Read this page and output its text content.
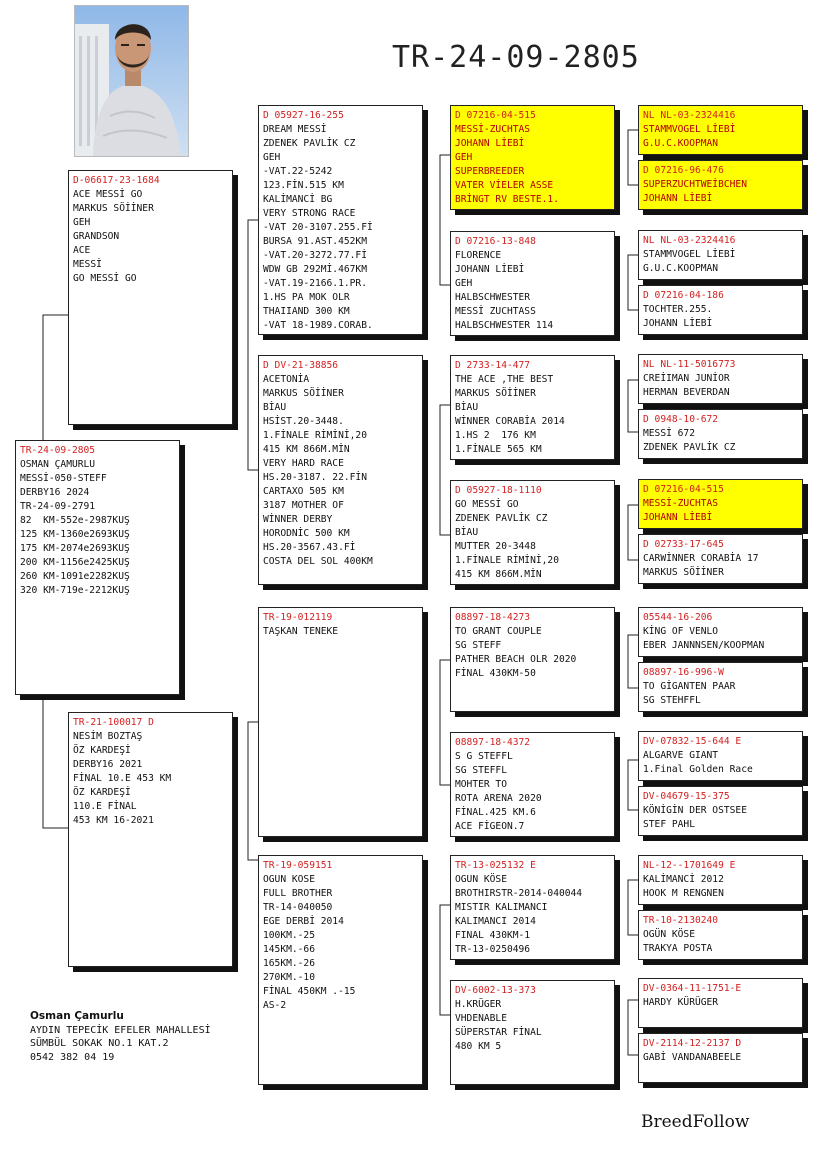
TR-24-09-2805
TR-24-09-2805
OSMAN ÇAMURLU
MESSİ-050-STEFF
DERBY16 2024
TR-24-09-2791
82  KM-552e-2987KUŞ
125 KM-1360e2693KUŞ
175 KM-2074e2693KUŞ
200 KM-1156e2425KUŞ
260 KM-1091e2282KUŞ
320 KM-719e-2212KUŞ
D-06617-23-1684
ACE MESSİ GO
MARKUS SÖİİNER
GEH
GRANDSON
ACE
MESSİ
GO MESSİ GO
TR-21-100017 D
NESİM BOZTAŞ
ÖZ KARDEŞİ
DERBY16 2021
FİNAL 10.E 453 KM
ÖZ KARDEŞİ
110.E FİNAL
453 KM 16-2021
D 05927-16-255
DREAM MESSİ
ZDENEK PAVLİK CZ
GEH
-VAT.22-5242
123.FİN.515 KM
KALİMANCİ BG
VERY STRONG RACE
-VAT 20-3107.255.Fİ
BURSA 91.AST.452KM
-VAT.20-3272.77.Fİ
WDW GB 292Mİ.467KM
-VAT.19-2166.1.PR.
1.HS PA MOK OLR
THAIIAND 300 KM
-VAT 18-1989.CORAB.
D DV-21-38856
ACETONİA
MARKUS SÖİİNER
BİAU
HSİST.20-3448.
1.FİNALE RİMİNİ,20
415 KM 866M.MİN
VERY HARD RACE
HS.20-3187. 22.FİN
CARTAXO 505 KM
3187 MOTHER OF
WİNNER DERBY
HORODNİC 500 KM
HS.20-3567.43.Fİ
COSTA DEL SOL 400KM
TR-19-012119
TAŞKAN TENEKE
TR-19-059151
OGUN KOSE
FULL BROTHER
TR-14-040050
EGE DERBİ 2014
100KM.-25
145KM.-66
165KM.-26
270KM.-10
FİNAL 450KM .-15
AS-2
D 07216-04-515
MESSİ-ZUCHTAS
JOHANN LİEBİ
GEH
SUPERBREEDER
VATER VİELER ASSE
BRİNGT RV BESTE.1.
D 07216-13-848
FLORENCE
JOHANN LİEBİ
GEH
HALBSCHWESTER
MESSİ ZUCHTASS
HALBSCHWESTER 114
D 2733-14-477
THE ACE ,THE BEST
MARKUS SÖİİNER
BİAU
WİNNER CORABİA 2014
1.HS 2  176 KM
1.FİNALE 565 KM
D 05927-18-1110
GO MESSİ GO
ZDENEK PAVLİK CZ
BİAU
MUTTER 20-3448
1.FİNALE RİMİNİ,20
415 KM 866M.MİN
08897-18-4273
TO GRANT COUPLE
SG STEFF
PATHER BEACH OLR 2020
FİNAL 430KM-50
08897-18-4372
S G STEFFL
SG STEFFL
MOHTER TO
ROTA ARENA 2020
FİNAL.425 KM.6
ACE FİGEON.7
TR-13-025132 E
OGUN KÖSE
BROTHIRSTR-2014-040044
MISTIR KALIMANCI
KALIMANCI 2014
FINAL 430KM-1
TR-13-0250496
DV-6002-13-373
H.KRÜGER
VHDENABLE
SÜPERSTAR FİNAL
480 KM 5
NL NL-03-2324416
STAMMVOGEL LİEBİ
G.U.C.KOOPMAN
D 07216-96-476
SUPERZUCHTWEİBCHEN
JOHANN LİEBİ
NL NL-03-2324416
STAMMVOGEL LİEBİ
G.U.C.KOOPMAN
D 07216-04-186
TOCHTER.255.
JOHANN LİEBİ
NL NL-11-5016773
CREİIMAN JUNİOR
HERMAN BEVERDAN
D 0948-10-672
MESSİ 672
ZDENEK PAVLİK CZ
D 07216-04-515
MESSİ-ZUCHTAS
JOHANN LİEBİ
D 02733-17-645
CARWİNNER CORABİA 17
MARKUS SÖİİNER
05544-16-206
KİNG OF VENLO
EBER JANNNSEN/KOOPMAN
08897-16-996-W
TO GİGANTEN PAAR
SG STEHFFL
DV-07832-15-644 E
ALGARVE GIANT
1.Final Golden Race
DV-04679-15-375
KÖNİGİN DER OSTSEE
STEF PAHL
NL-12--1701649 E
KALİMANCİ 2012
HOOK M RENGNEN
TR-10-2130240
OGÜN KÖSE
TRAKYA POSTA
DV-0364-11-1751-E
HARDY KÜRÜGER
DV-2114-12-2137 D
GABİ VANDANABEELE
Osman Çamurlu
AYDIN TEPECİK EFELER MAHALLESİ
SÜMBÜL SOKAK NO.1 KAT.2
0542 382 04 19
BreedFollow
